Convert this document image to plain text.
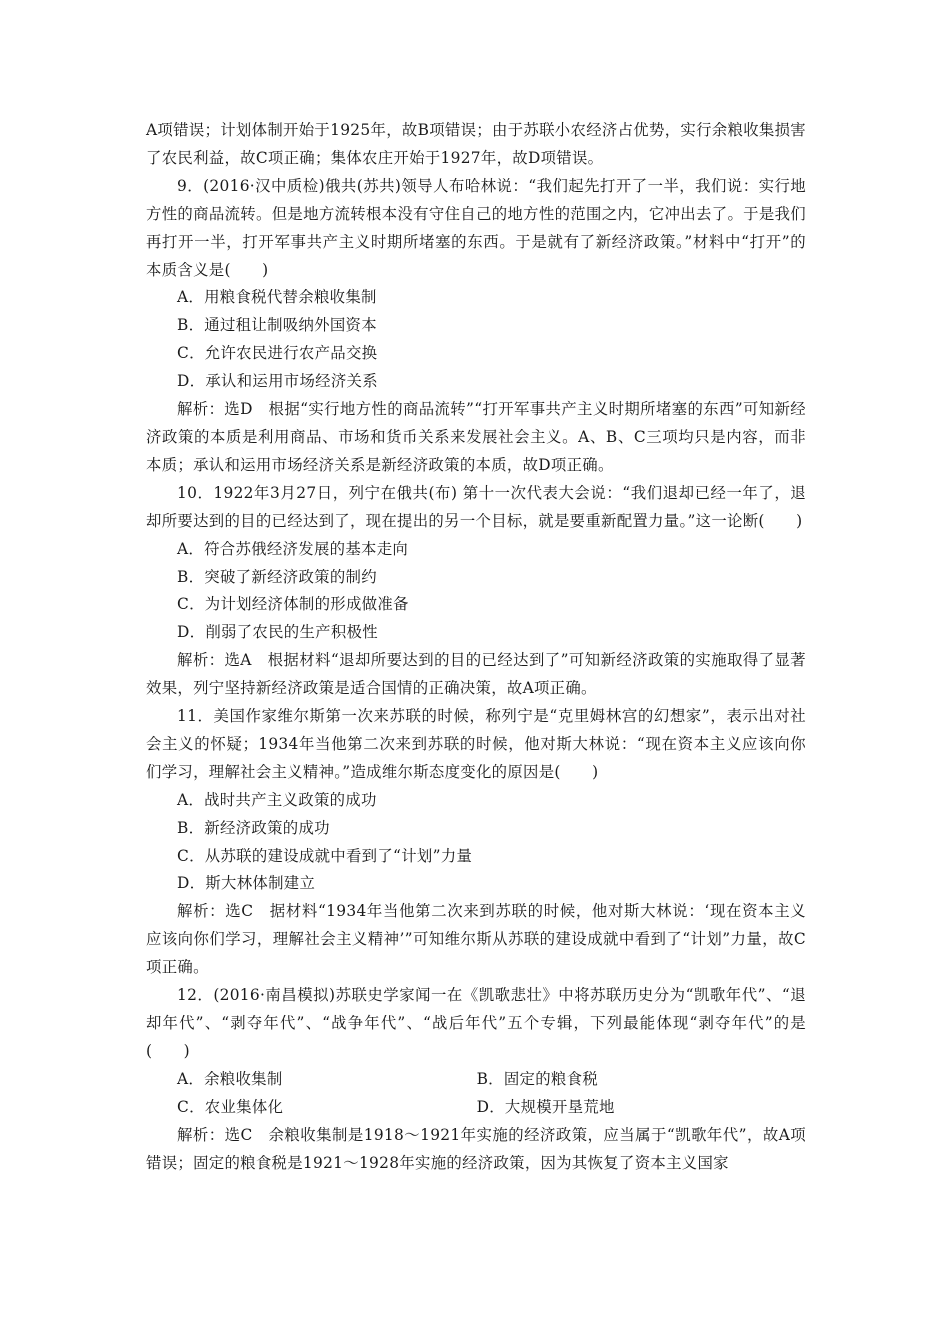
A项错误；计划体制开始于1925年，故B项错误；由于苏联小农经济占优势，实行余粮收集损害了农民利益，故C项正确；集体农庄开始于1927年，故D项错误。

9．(2016·汉中质检)俄共(苏共)领导人布哈林说：“我们起先打开了一半，我们说：实行地方性的商品流转。但是地方流转根本没有守住自己的地方性的范围之内，它冲出去了。于是我们再打开一半，打开军事共产主义时期所堵塞的东西。于是就有了新经济政策。”材料中“打开”的本质含义是(　　)

A．用粮食税代替余粮收集制

B．通过租让制吸纳外国资本

C．允许农民进行农产品交换

D．承认和运用市场经济关系

解析：选D　根据“实行地方性的商品流转”“打开军事共产主义时期所堵塞的东西”可知新经济政策的本质是利用商品、市场和货币关系来发展社会主义。A、B、C三项均只是内容，而非本质；承认和运用市场经济关系是新经济政策的本质，故D项正确。

10．1922年3月27日，列宁在俄共(布) 第十一次代表大会说：“我们退却已经一年了，退却所要达到的目的已经达到了，现在提出的另一个目标，就是要重新配置力量。”这一论断(　　)

A．符合苏俄经济发展的基本走向

B．突破了新经济政策的制约

C．为计划经济体制的形成做准备

D．削弱了农民的生产积极性

解析：选A　根据材料“退却所要达到的目的已经达到了”可知新经济政策的实施取得了显著效果，列宁坚持新经济政策是适合国情的正确决策，故A项正确。

11．美国作家维尔斯第一次来苏联的时候，称列宁是“克里姆林宫的幻想家”，表示出对社会主义的怀疑；1934年当他第二次来到苏联的时候，他对斯大林说：“现在资本主义应该向你们学习，理解社会主义精神。”造成维尔斯态度变化的原因是(　　)

A．战时共产主义政策的成功

B．新经济政策的成功

C．从苏联的建设成就中看到了“计划”力量

D．斯大林体制建立

解析：选C　据材料“1934年当他第二次来到苏联的时候，他对斯大林说：‘现在资本主义应该向你们学习，理解社会主义精神’”可知维尔斯从苏联的建设成就中看到了“计划”力量，故C项正确。

12．(2016·南昌模拟)苏联史学家闻一在《凯歌悲壮》中将苏联历史分为“凯歌年代”、“退却年代”、“剥夺年代”、“战争年代”、“战后年代”五个专辑，下列最能体现“剥夺年代”的是(　　)

A．余粮收集制	B．固定的粮食税
C．农业集体化	D．大规模开垦荒地

解析：选C　余粮收集制是1918～1921年实施的经济政策，应当属于“凯歌年代”，故A项错误；固定的粮食税是1921～1928年实施的经济政策，因为其恢复了资本主义国家
